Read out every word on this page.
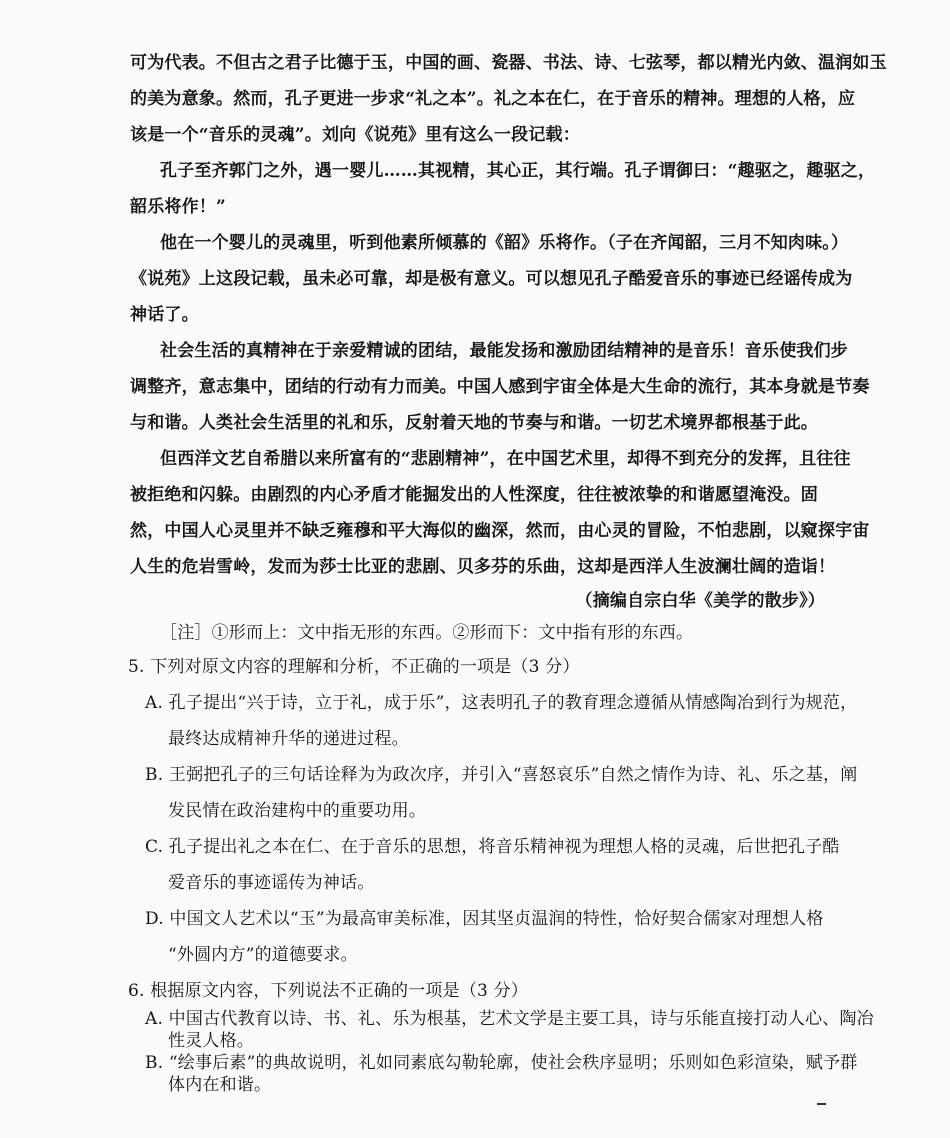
可为代表。不但古之君子比德于玉，中国的画、瓷器、书法、诗、七弦琴，都以精光内敛、温润如玉
的美为意象。然而，孔子更进一步求“礼之本”。礼之本在仁，在于音乐的精神。理想的人格，应
该是一个“音乐的灵魂”。刘向《说苑》里有这么一段记载：
孔子至齐郭门之外，遇一婴儿……其视精，其心正，其行端。孔子谓御曰：“趣驱之，趣驱之，
韶乐将作！”
他在一个婴儿的灵魂里，听到他素所倾慕的《韶》乐将作。（子在齐闻韶，三月不知肉味。）
《说苑》上这段记载，虽未必可靠，却是极有意义。可以想见孔子酷爱音乐的事迹已经谣传成为
神话了。
社会生活的真精神在于亲爱精诚的团结，最能发扬和激励团结精神的是音乐！音乐使我们步
调整齐，意志集中，团结的行动有力而美。中国人感到宇宙全体是大生命的流行，其本身就是节奏
与和谐。人类社会生活里的礼和乐，反射着天地的节奏与和谐。一切艺术境界都根基于此。
但西洋文艺自希腊以来所富有的“悲剧精神”，在中国艺术里，却得不到充分的发挥，且往往
被拒绝和闪躲。由剧烈的内心矛盾才能掘发出的人性深度，往往被浓挚的和谐愿望淹没。固
然，中国人心灵里并不缺乏雍穆和平大海似的幽深，然而，由心灵的冒险，不怕悲剧，以窥探宇宙
人生的危岩雪岭，发而为莎士比亚的悲剧、贝多芬的乐曲，这却是西洋人生波澜壮阔的造诣！
（摘编自宗白华《美学的散步》）
［注］①形而上：文中指无形的东西。②形而下：文中指有形的东西。
5. 下列对原文内容的理解和分析，不正确的一项是（3 分）
A. 孔子提出“兴于诗，立于礼，成于乐”，这表明孔子的教育理念遵循从情感陶冶到行为规范，
最终达成精神升华的递进过程。
B. 王弼把孔子的三句话诠释为为政次序，并引入“喜怒哀乐”自然之情作为诗、礼、乐之基，阐
发民情在政治建构中的重要功用。
C. 孔子提出礼之本在仁、在于音乐的思想，将音乐精神视为理想人格的灵魂，后世把孔子酷
爱音乐的事迹谣传为神话。
D. 中国文人艺术以“玉”为最高审美标准，因其坚贞温润的特性，恰好契合儒家对理想人格
“外圆内方”的道德要求。
6. 根据原文内容，下列说法不正确的一项是（3 分）
A. 中国古代教育以诗、书、礼、乐为根基，艺术文学是主要工具，诗与乐能直接打动人心、陶冶
性灵人格。
B. “绘事后素”的典故说明，礼如同素底勾勒轮廓，使社会秩序显明；乐则如色彩渲染，赋予群
体内在和谐。
